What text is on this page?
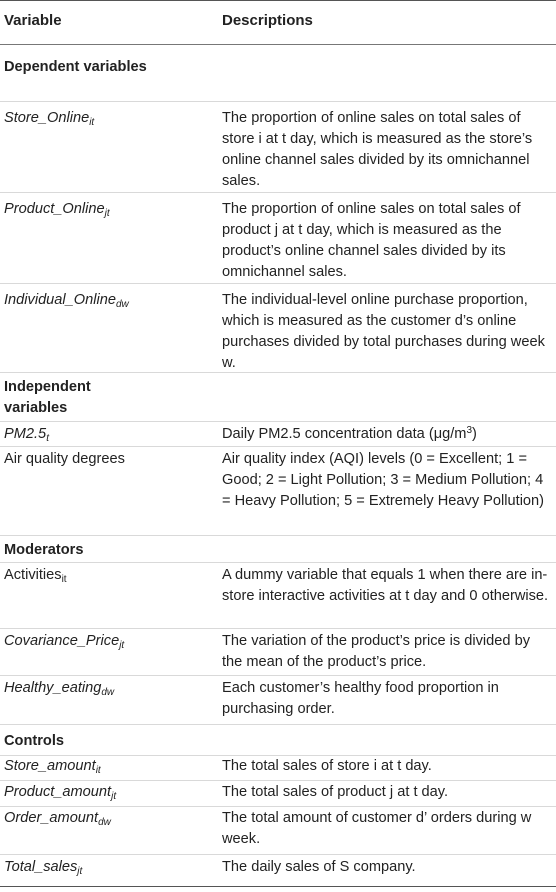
Variable	Descriptions
Dependent variables
Store_Online$_{it}$	The proportion of online sales on total sales of store i at t day, which is measured as the store’s online channel sales divided by its omnichannel sales.
Product_Online$_{jt}$	The proportion of online sales on total sales of product j at t day, which is measured as the product’s online channel sales divided by its omnichannel sales.
Individual_Online$_{dw}$	The individual-level online purchase proportion, which is measured as the customer d’s online purchases divided by total purchases during week w.
Independent variables
$PM2.5_t$	Daily PM2.5 concentration data $(\mu g/m^3)$
Air quality degrees	Air quality index (AQI) levels (0 = Excellent; 1 = Good; 2 = Light Pollution; 3 = Medium Pollution; 4 = Heavy Pollution; 5 = Extremely Heavy Pollution)
Moderators
Activities$_{it}$	A dummy variable that equals 1 when there are in-store interactive activities at t day and 0 otherwise.
Covariance_Price$_{jt}$	The variation of the product’s price is divided by the mean of the product’s price.
Healthy_eating$_{dw}$	Each customer’s healthy food proportion in purchasing order.
Controls
Store_amount$_{it}$	The total sales of store i at t day.
Product_amount$_{jt}$	The total sales of product j at t day.
Order_amount$_{dw}$	The total amount of customer d’ orders during w week.
Total_sales$_{jt}$	The daily sales of S company.
